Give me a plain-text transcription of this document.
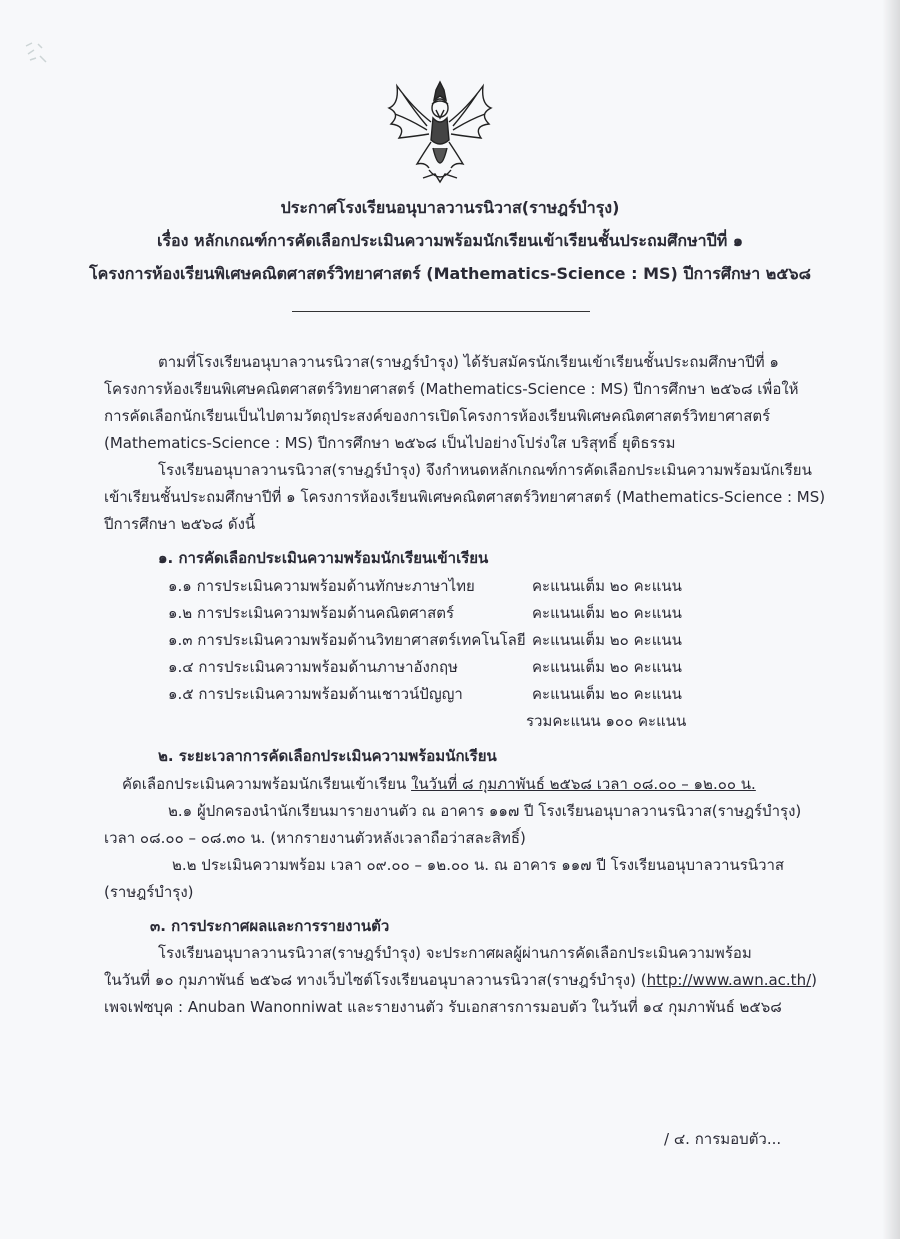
ประกาศโรงเรียนอนุบาลวานรนิวาส(ราษฎร์บำรุง)
เรื่อง หลักเกณฑ์การคัดเลือกประเมินความพร้อมนักเรียนเข้าเรียนชั้นประถมศึกษาปีที่ ๑
โครงการห้องเรียนพิเศษคณิตศาสตร์วิทยาศาสตร์ (Mathematics-Science : MS) ปีการศึกษา ๒๕๖๘
ตามที่โรงเรียนอนุบาลวานรนิวาส(ราษฎร์บำรุง) ได้รับสมัครนักเรียนเข้าเรียนชั้นประถมศึกษาปีที่ ๑
โครงการห้องเรียนพิเศษคณิตศาสตร์วิทยาศาสตร์ (Mathematics-Science : MS) ปีการศึกษา ๒๕๖๘ เพื่อให้
การคัดเลือกนักเรียนเป็นไปตามวัตถุประสงค์ของการเปิดโครงการห้องเรียนพิเศษคณิตศาสตร์วิทยาศาสตร์
(Mathematics-Science : MS) ปีการศึกษา ๒๕๖๘ เป็นไปอย่างโปร่งใส บริสุทธิ์ ยุติธรรม
โรงเรียนอนุบาลวานรนิวาส(ราษฎร์บำรุง) จึงกำหนดหลักเกณฑ์การคัดเลือกประเมินความพร้อมนักเรียน
เข้าเรียนชั้นประถมศึกษาปีที่ ๑ โครงการห้องเรียนพิเศษคณิตศาสตร์วิทยาศาสตร์ (Mathematics-Science : MS)
ปีการศึกษา ๒๕๖๘ ดังนี้
๑. การคัดเลือกประเมินความพร้อมนักเรียนเข้าเรียน
๑.๑ การประเมินความพร้อมด้านทักษะภาษาไทย	คะแนนเต็ม ๒๐ คะแนน
๑.๒ การประเมินความพร้อมด้านคณิตศาสตร์	คะแนนเต็ม ๒๐ คะแนน
๑.๓ การประเมินความพร้อมด้านวิทยาศาสตร์เทคโนโลยี คะแนนเต็ม ๒๐ คะแนน
๑.๔ การประเมินความพร้อมด้านภาษาอังกฤษ	คะแนนเต็ม ๒๐ คะแนน
๑.๕ การประเมินความพร้อมด้านเชาวน์ปัญญา	คะแนนเต็ม ๒๐ คะแนน
รวมคะแนน ๑๐๐ คะแนน
๒. ระยะเวลาการคัดเลือกประเมินความพร้อมนักเรียน
คัดเลือกประเมินความพร้อมนักเรียนเข้าเรียน ในวันที่ ๘ กุมภาพันธ์ ๒๕๖๘ เวลา ๐๘.๐๐ – ๑๒.๐๐ น.
๒.๑ ผู้ปกครองนำนักเรียนมารายงานตัว ณ อาคาร ๑๑๗ ปี โรงเรียนอนุบาลวานรนิวาส(ราษฎร์บำรุง)
เวลา ๐๘.๐๐ – ๐๘.๓๐ น. (หากรายงานตัวหลังเวลาถือว่าสละสิทธิ์)
๒.๒ ประเมินความพร้อม เวลา ๐๙.๐๐ – ๑๒.๐๐ น. ณ อาคาร ๑๑๗ ปี โรงเรียนอนุบาลวานรนิวาส
(ราษฎร์บำรุง)
๓. การประกาศผลและการรายงานตัว
โรงเรียนอนุบาลวานรนิวาส(ราษฎร์บำรุง) จะประกาศผลผู้ผ่านการคัดเลือกประเมินความพร้อม
ในวันที่ ๑๐ กุมภาพันธ์ ๒๕๖๘ ทางเว็บไซต์โรงเรียนอนุบาลวานรนิวาส(ราษฎร์บำรุง) (http://www.awn.ac.th/)
เพจเฟซบุค : Anuban Wanonniwat และรายงานตัว รับเอกสารการมอบตัว ในวันที่ ๑๔ กุมภาพันธ์ ๒๕๖๘
/ ๔. การมอบตัว...
